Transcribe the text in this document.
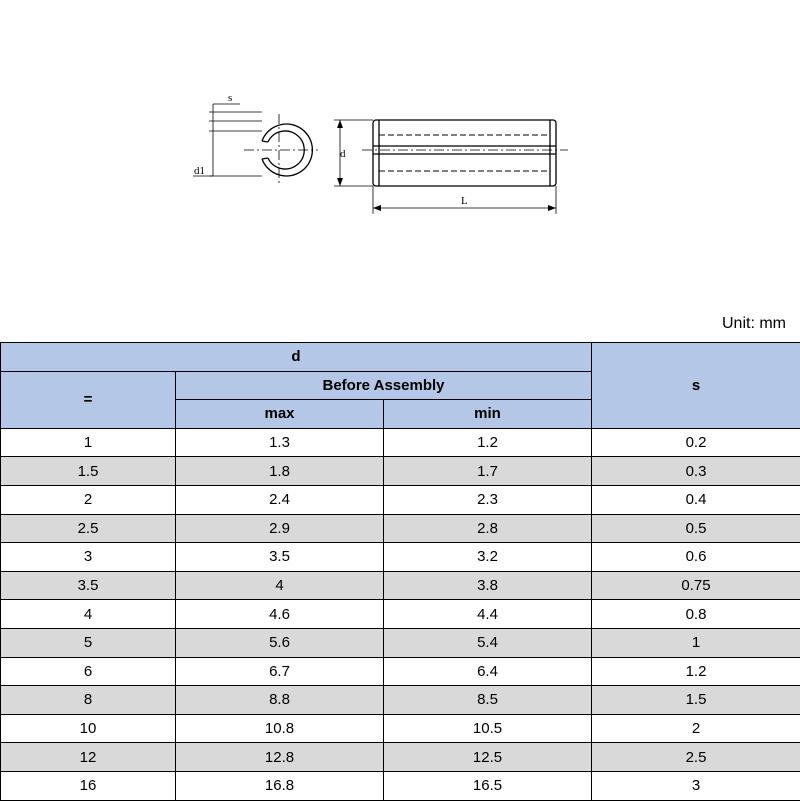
s
d1
d
L
Unit: mm
d			s
=	Before Assembly		
	max	min	
1	1.3	1.2	0.2
1.5	1.8	1.7	0.3
2	2.4	2.3	0.4
2.5	2.9	2.8	0.5
3	3.5	3.2	0.6
3.5	4	3.8	0.75
4	4.6	4.4	0.8
5	5.6	5.4	1
6	6.7	6.4	1.2
8	8.8	8.5	1.5
10	10.8	10.5	2
12	12.8	12.5	2.5
16	16.8	16.5	3
